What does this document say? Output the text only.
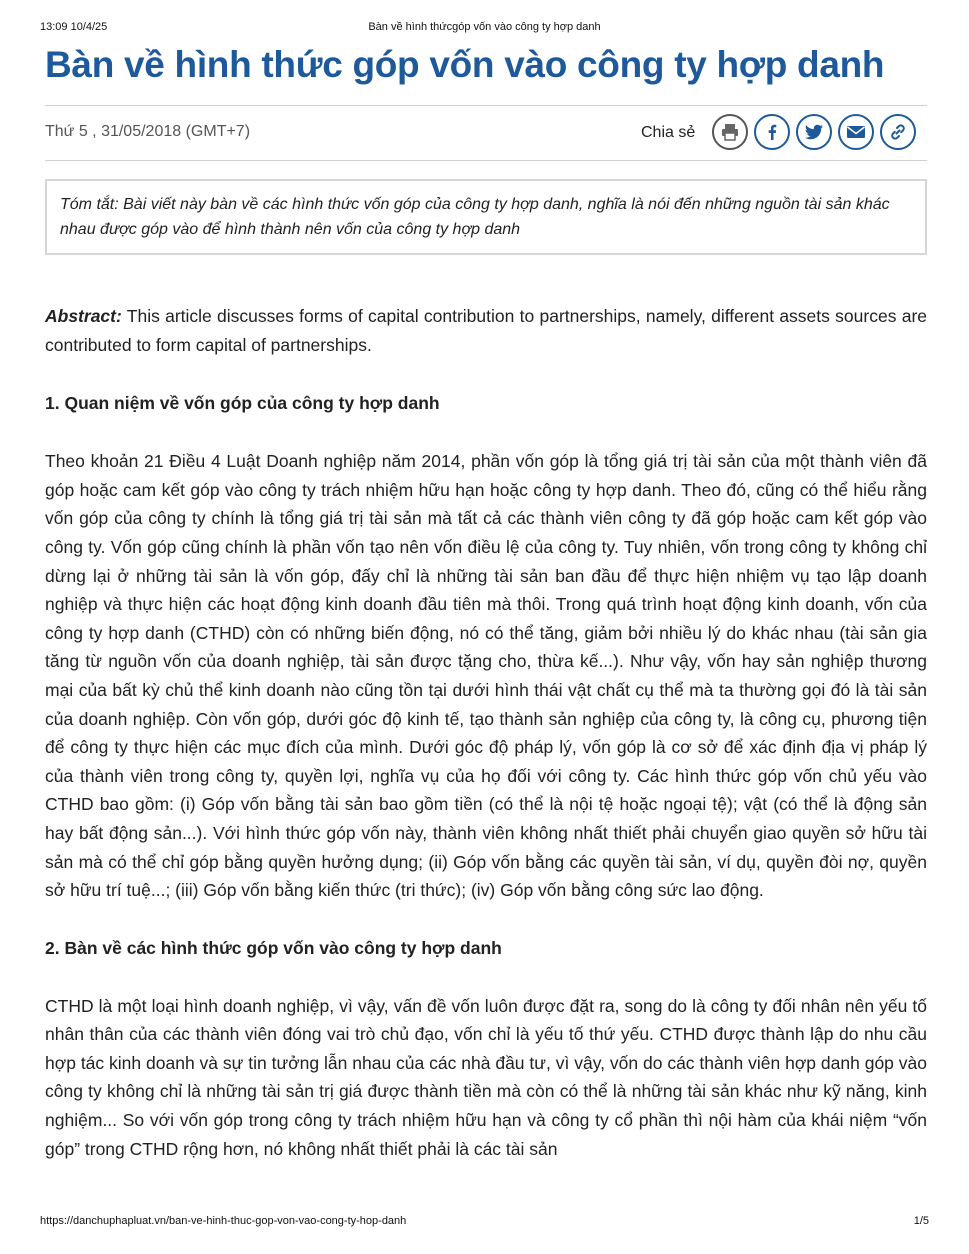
13:09 10/4/25	Bàn về hình thứcgóp vốn vào công ty hợp danh
Bàn về hình thức góp vốn vào công ty hợp danh
Thứ 5 , 31/05/2018 (GMT+7)	Chia sẻ
Tóm tắt: Bài viết này bàn về các hình thức vốn góp của công ty hợp danh, nghĩa là nói đến những nguồn tài sản khác nhau được góp vào để hình thành nên vốn của công ty hợp danh

Abstract: This article discusses forms of capital contribution to partnerships, namely, different assets sources are contributed to form capital of partnerships.

1. Quan niệm về vốn góp của công ty hợp danh

Theo khoản 21 Điều 4 Luật Doanh nghiệp năm 2014, phần vốn góp là tổng giá trị tài sản của một thành viên đã góp hoặc cam kết góp vào công ty trách nhiệm hữu hạn hoặc công ty hợp danh. Theo đó, cũng có thể hiểu rằng vốn góp của công ty chính là tổng giá trị tài sản mà tất cả các thành viên công ty đã góp hoặc cam kết góp vào công ty. Vốn góp cũng chính là phần vốn tạo nên vốn điều lệ của công ty. Tuy nhiên, vốn trong công ty không chỉ dừng lại ở những tài sản là vốn góp, đấy chỉ là những tài sản ban đầu để thực hiện nhiệm vụ tạo lập doanh nghiệp và thực hiện các hoạt động kinh doanh đầu tiên mà thôi. Trong quá trình hoạt động kinh doanh, vốn của công ty hợp danh (CTHD) còn có những biến động, nó có thể tăng, giảm bởi nhiều lý do khác nhau (tài sản gia tăng từ nguồn vốn của doanh nghiệp, tài sản được tặng cho, thừa kế...). Như vậy, vốn hay sản nghiệp thương mại của bất kỳ chủ thể kinh doanh nào cũng tồn tại dưới hình thái vật chất cụ thể mà ta thường gọi đó là tài sản của doanh nghiệp. Còn vốn góp, dưới góc độ kinh tế, tạo thành sản nghiệp của công ty, là công cụ, phương tiện để công ty thực hiện các mục đích của mình. Dưới góc độ pháp lý, vốn góp là cơ sở để xác định địa vị pháp lý của thành viên trong công ty, quyền lợi, nghĩa vụ của họ đối với công ty. Các hình thức góp vốn chủ yếu vào CTHD bao gồm: (i) Góp vốn bằng tài sản bao gồm tiền (có thể là nội tệ hoặc ngoại tệ); vật (có thể là động sản hay bất động sản...). Với hình thức góp vốn này, thành viên không nhất thiết phải chuyển giao quyền sở hữu tài sản mà có thể chỉ góp bằng quyền hưởng dụng; (ii) Góp vốn bằng các quyền tài sản, ví dụ, quyền đòi nợ, quyền sở hữu trí tuệ...; (iii) Góp vốn bằng kiến thức (tri thức); (iv) Góp vốn bằng công sức lao động.

2. Bàn về các hình thức góp vốn vào công ty hợp danh

CTHD là một loại hình doanh nghiệp, vì vậy, vấn đề vốn luôn được đặt ra, song do là công ty đối nhân nên yếu tố nhân thân của các thành viên đóng vai trò chủ đạo, vốn chỉ là yếu tố thứ yếu. CTHD được thành lập do nhu cầu hợp tác kinh doanh và sự tin tưởng lẫn nhau của các nhà đầu tư, vì vậy, vốn do các thành viên hợp danh góp vào công ty không chỉ là những tài sản trị giá được thành tiền mà còn có thể là những tài sản khác như kỹ năng, kinh nghiệm... So với vốn góp trong công ty trách nhiệm hữu hạn và công ty cổ phần thì nội hàm của khái niệm “vốn góp” trong CTHD rộng hơn, nó không nhất thiết phải là các tài sản

https://danchuphapluat.vn/ban-ve-hinh-thuc-gop-von-vao-cong-ty-hop-danh	1/5
